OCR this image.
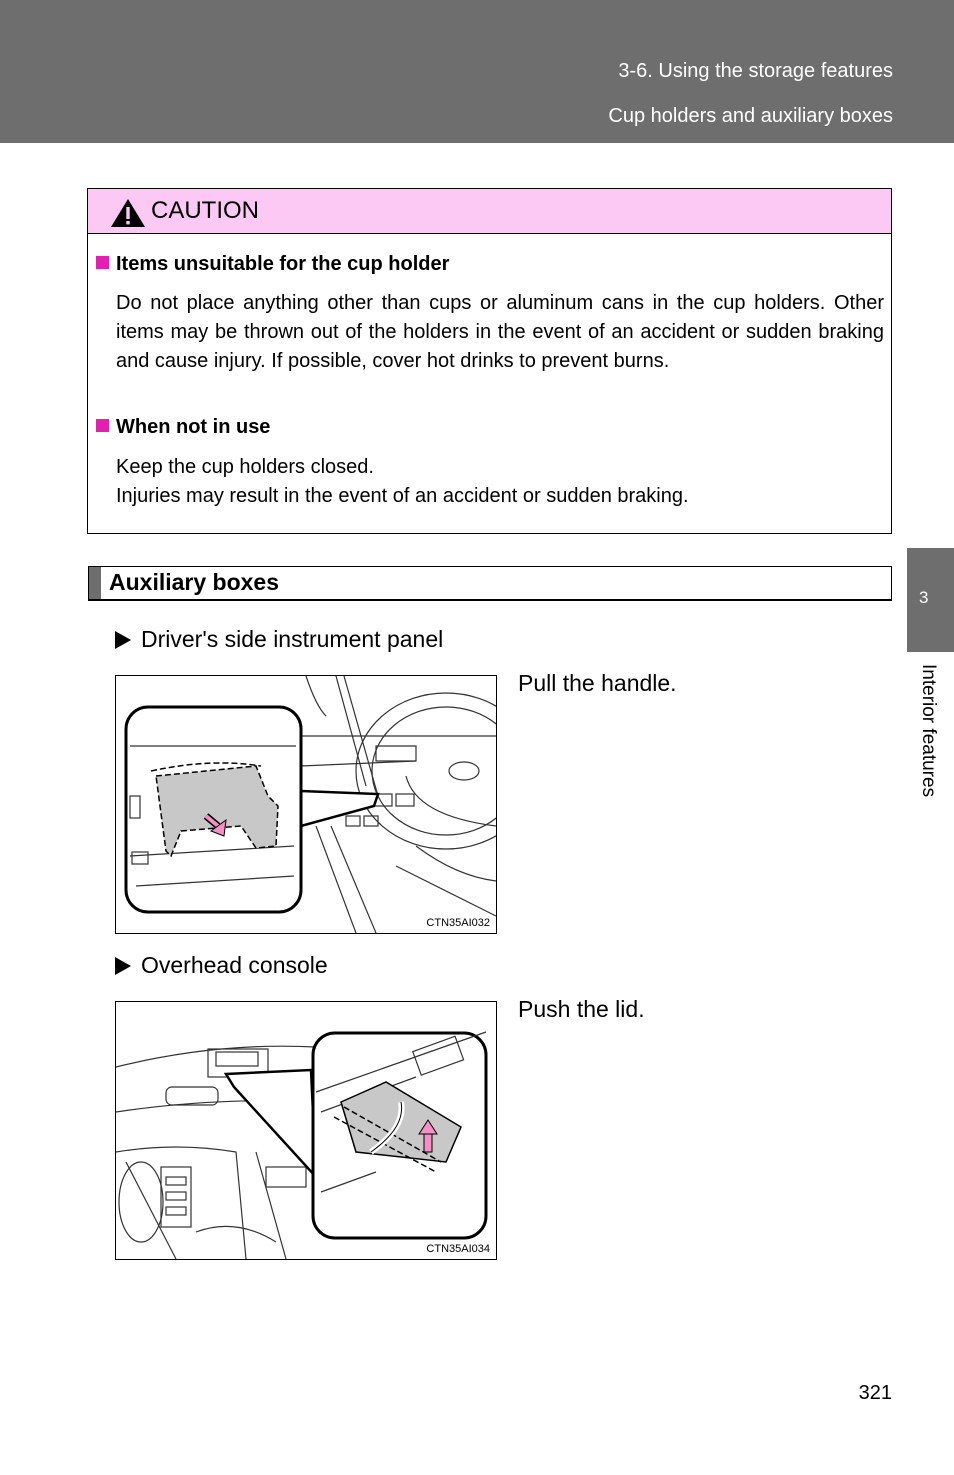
3-6. Using the storage features
Cup holders and auxiliary boxes
CAUTION
Items unsuitable for the cup holder

Do not place anything other than cups or aluminum cans in the cup holders. Other items may be thrown out of the holders in the event of an accident or sudden braking and cause injury. If possible, cover hot drinks to prevent burns.

When not in use

Keep the cup holders closed.

Injuries may result in the event of an accident or sudden braking.

Auxiliary boxes
Driver's side instrument panel
CTN35AI032
Pull the handle.
Overhead console
CTN35AI034
Push the lid.
3
Interior features
321
